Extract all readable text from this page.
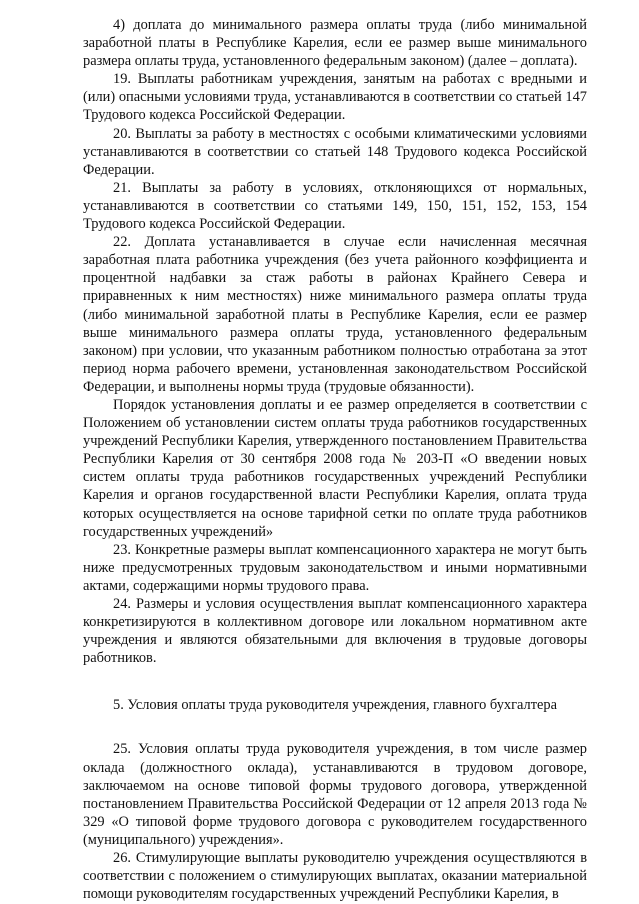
4) доплата до минимального размера оплаты труда (либо минимальной заработной платы в Республике Карелия, если ее размер выше минимального размера оплаты труда, установленного федеральным законом) (далее – доплата).

19. Выплаты работникам учреждения, занятым на работах с вредными и (или) опасными условиями труда, устанавливаются в соответствии со статьей 147 Трудового кодекса Российской Федерации.

20. Выплаты за работу в местностях с особыми климатическими условиями устанавливаются в соответствии со статьей 148 Трудового кодекса Российской Федерации.

21. Выплаты за работу в условиях, отклоняющихся от нормальных, устанавливаются в соответствии со статьями 149, 150, 151, 152, 153, 154 Трудового кодекса Российской Федерации.

22. Доплата устанавливается в случае если начисленная месячная заработная плата работника учреждения (без учета районного коэффициента и процентной надбавки за стаж работы в районах Крайнего Севера и приравненных к ним местностях) ниже минимального размера оплаты труда (либо минимальной заработной платы в Республике Карелия, если ее размер выше минимального размера оплаты труда, установленного федеральным законом) при условии, что указанным работником полностью отработана за этот период норма рабочего времени, установленная законодательством Российской Федерации, и выполнены нормы труда (трудовые обязанности).

Порядок установления доплаты и ее размер определяется в соответствии с Положением об установлении систем оплаты труда работников государственных учреждений Республики Карелия, утвержденного постановлением Правительства Республики Карелия от 30 сентября 2008 года № 203-П «О введении новых систем оплаты труда работников государственных учреждений Республики Карелия и органов государственной власти Республики Карелия, оплата труда которых осуществляется на основе тарифной сетки по оплате труда работников государственных учреждений»

23. Конкретные размеры выплат компенсационного характера не могут быть ниже предусмотренных трудовым законодательством и иными нормативными актами, содержащими нормы трудового права.

24. Размеры и условия осуществления выплат компенсационного характера конкретизируются в коллективном договоре или локальном нормативном акте учреждения и являются обязательными для включения в трудовые договоры работников.

5. Условия оплаты труда руководителя учреждения, главного бухгалтера

25. Условия оплаты труда руководителя учреждения, в том числе размер оклада (должностного оклада), устанавливаются в трудовом договоре, заключаемом на основе типовой формы трудового договора, утвержденной постановлением Правительства Российской Федерации от 12 апреля 2013 года № 329 «О типовой форме трудового договора с руководителем государственного (муниципального) учреждения».

26. Стимулирующие выплаты руководителю учреждения осуществляются в соответствии с положением о стимулирующих выплатах, оказании материальной помощи руководителям государственных учреждений Республики Карелия, в
